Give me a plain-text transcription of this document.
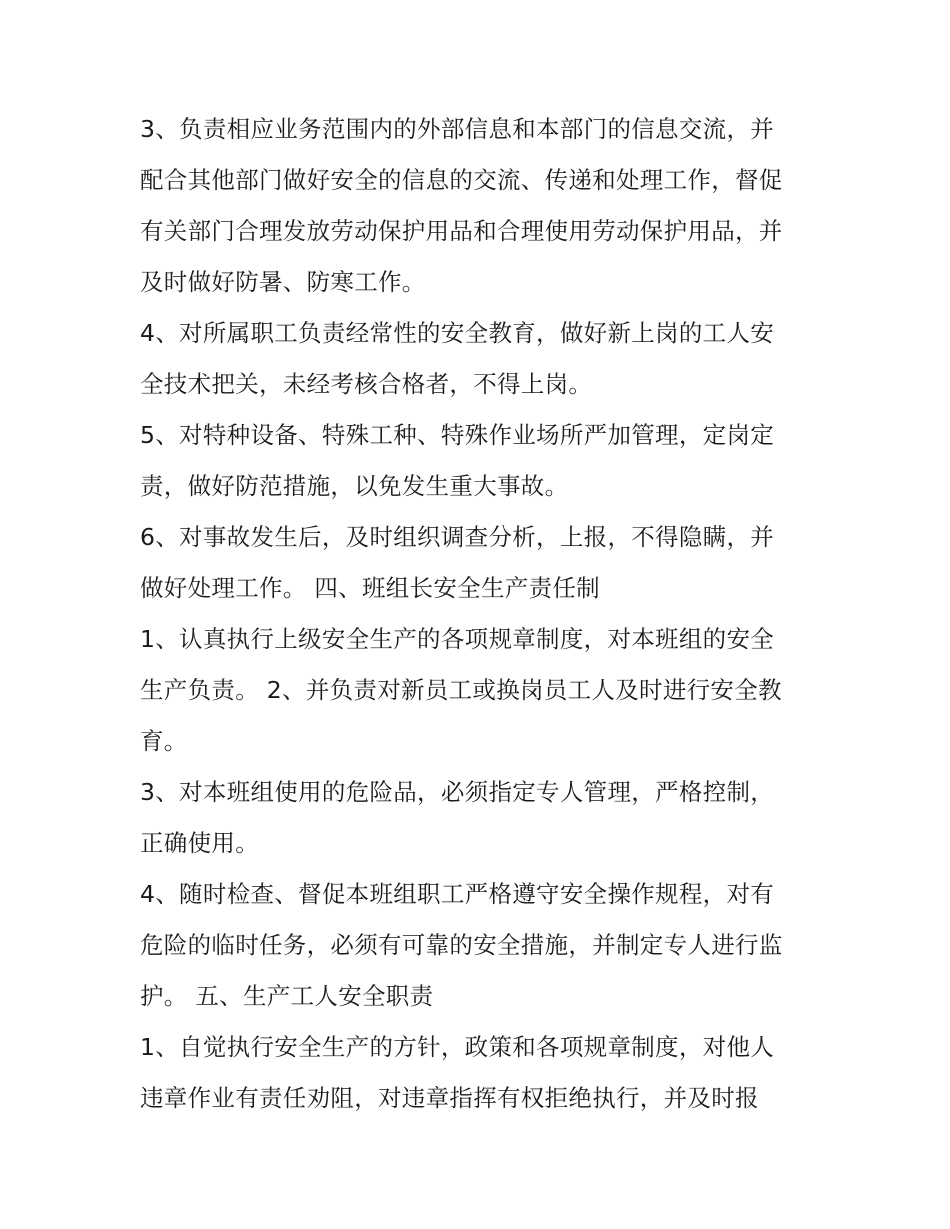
3、负责相应业务范围内的外部信息和本部门的信息交流，并
配合其他部门做好安全的信息的交流、传递和处理工作，督促
有关部门合理发放劳动保护用品和合理使用劳动保护用品，并
及时做好防暑、防寒工作。
4、对所属职工负责经常性的安全教育，做好新上岗的工人安
全技术把关，未经考核合格者，不得上岗。
5、对特种设备、特殊工种、特殊作业场所严加管理，定岗定
责，做好防范措施，以免发生重大事故。
6、对事故发生后，及时组织调查分析，上报，不得隐瞒，并
做好处理工作。 四、班组长安全生产责任制
1、认真执行上级安全生产的各项规章制度，对本班组的安全
生产负责。 2、并负责对新员工或换岗员工人及时进行安全教
育。
3、对本班组使用的危险品，必须指定专人管理，严格控制，
正确使用。
4、随时检查、督促本班组职工严格遵守安全操作规程，对有
危险的临时任务，必须有可靠的安全措施，并制定专人进行监
护。 五、生产工人安全职责
1、自觉执行安全生产的方针，政策和各项规章制度，对他人
违章作业有责任劝阻，对违章指挥有权拒绝执行，并及时报
